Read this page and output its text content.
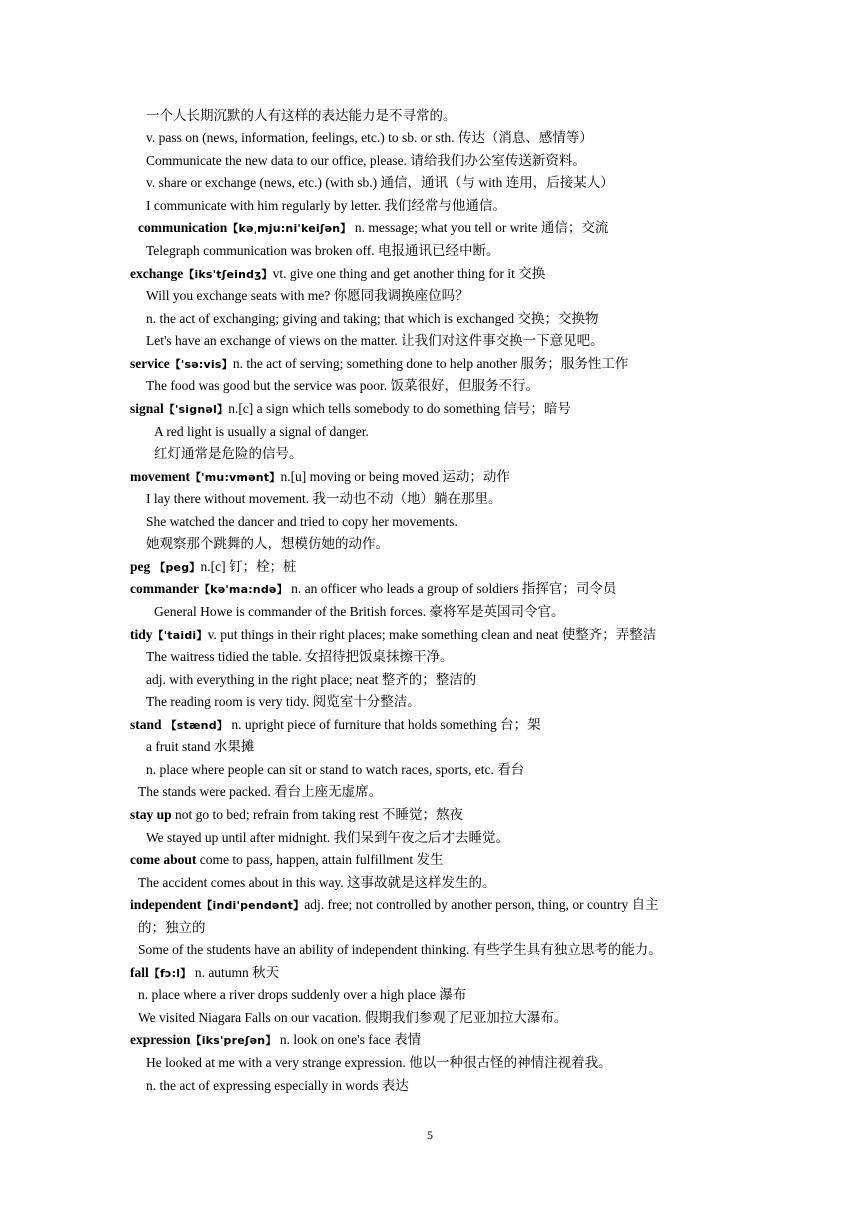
一个人长期沉默的人有这样的表达能力是不寻常的。
v. pass on (news, information, feelings, etc.) to sb. or sth. 传达（消息、感情等）
Communicate the new data to our office, please. 请给我们办公室传送新资料。
v. share or exchange (news, etc.) (with sb.) 通信，通讯（与 with 连用，后接某人）
I communicate with him regularly by letter. 我们经常与他通信。
communication【kə͵mju:ni'keiʃən】 n. message; what you tell or write 通信；交流
Telegraph communication was broken off. 电报通讯已经中断。
exchange【iks'tʃeindʒ】vt. give one thing and get another thing for it 交换
Will you exchange seats with me? 你愿同我调换座位吗？
n. the act of exchanging; giving and taking; that which is exchanged 交换；交换物
Let's have an exchange of views on the matter. 让我们对这件事交换一下意见吧。
service【'sə:vis】n. the act of serving; something done to help another 服务；服务性工作
The food was good but the service was poor. 饭菜很好，但服务不行。
signal【'signəl】n.[c] a sign which tells somebody to do something 信号；暗号
A red light is usually a signal of danger.
红灯通常是危险的信号。
movement【'mu:vmənt】n.[u] moving or being moved 运动；动作
I lay there without movement. 我一动也不动（地）躺在那里。
She watched the dancer and tried to copy her movements.
她观察那个跳舞的人，想模仿她的动作。
peg 【peg】n.[c] 钉；栓；桩
commander【kə'ma:ndə】 n. an officer who leads a group of soldiers 指挥官；司令员
General Howe is commander of the British forces. 豪将军是英国司令官。
tidy【'taidi】v. put things in their right places; make something clean and neat 使整齐；弄整洁
The waitress tidied the table. 女招待把饭桌抹擦干净。
adj. with everything in the right place; neat 整齐的；整洁的
The reading room is very tidy. 阅览室十分整洁。
stand 【stænd】 n. upright piece of furniture that holds something 台；架
a fruit stand 水果摊
n. place where people can sit or stand to watch races, sports, etc. 看台
The stands were packed. 看台上座无虚席。
stay up not go to bed; refrain from taking rest 不睡觉；熬夜
We stayed up until after midnight. 我们呆到午夜之后才去睡觉。
come about come to pass, happen, attain fulfillment 发生
The accident comes about in this way. 这事故就是这样发生的。
independent【indi'pendənt】adj. free; not controlled by another person, thing, or country 自主
的；独立的
Some of the students have an ability of independent thinking. 有些学生具有独立思考的能力。
fall【fɔ:l】 n. autumn 秋天
n. place where a river drops suddenly over a high place 瀑布
We visited Niagara Falls on our vacation. 假期我们参观了尼亚加拉大瀑布。
expression【iks'preʃən】 n. look on one's face 表情
He looked at me with a very strange expression. 他以一种很古怪的神情注视着我。
n. the act of expressing especially in words 表达
5
